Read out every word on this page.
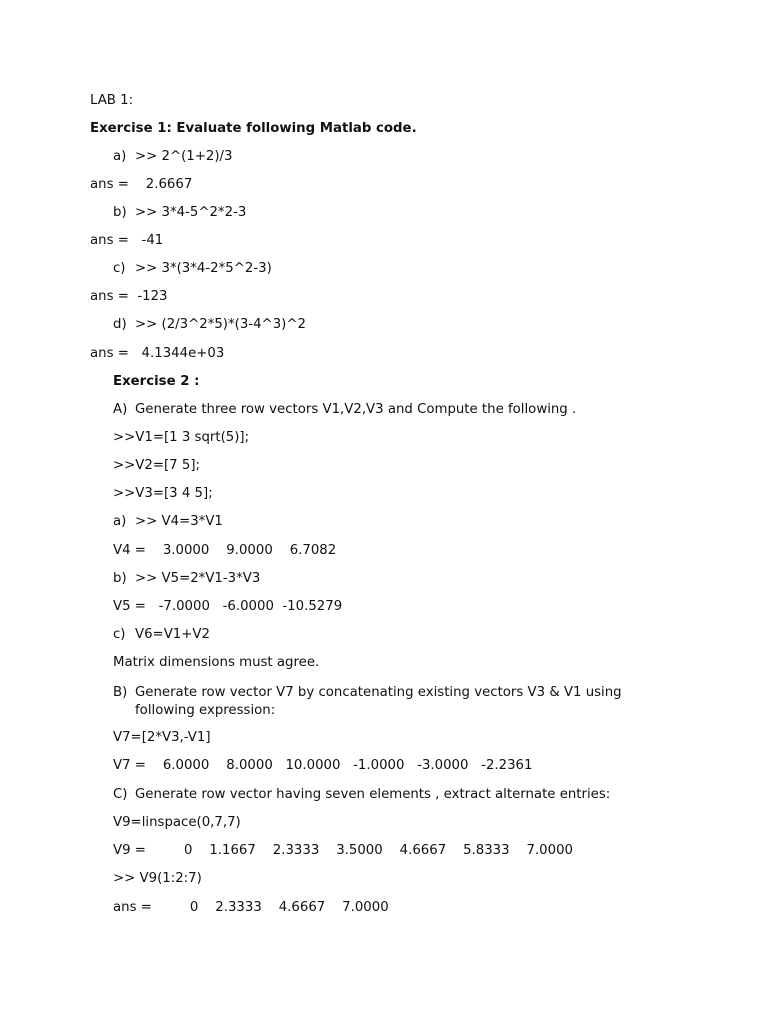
LAB 1:
Exercise 1: Evaluate following Matlab code.
a) >> 2^(1+2)/3
ans =    2.6667
b) >> 3*4-5^2*2-3
ans =   -41
c) >> 3*(3*4-2*5^2-3)
ans =  -123
d) >> (2/3^2*5)*(3-4^3)^2
ans =   4.1344e+03
Exercise 2 :
A) Generate three row vectors V1,V2,V3 and Compute the following .
>>V1=[1 3 sqrt(5)];
>>V2=[7 5];
>>V3=[3 4 5];
a) >> V4=3*V1
V4 =    3.0000    9.0000    6.7082
b) >> V5=2*V1-3*V3
V5 =   -7.0000   -6.0000  -10.5279
c) V6=V1+V2
Matrix dimensions must agree.
B) Generate row vector V7 by concatenating existing vectors V3 & V1 using following expression:
V7=[2*V3,-V1]
V7 =    6.0000    8.0000   10.0000   -1.0000   -3.0000   -2.2361
C) Generate row vector having seven elements , extract alternate entries:
V9=linspace(0,7,7)
V9 =         0    1.1667    2.3333    3.5000    4.6667    5.8333    7.0000
>> V9(1:2:7)
ans =         0    2.3333    4.6667    7.0000
